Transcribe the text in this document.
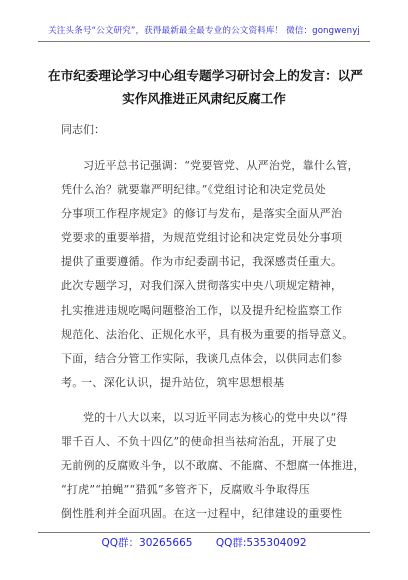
关注头条号“公文研究”，获得最新最全最专业的公文资料库！ 微信：gongwenyj
在市纪委理论学习中心组专题学习研讨会上的发言：以严
实作风推进正风肃纪反腐工作
同志们：
习近平总书记强调：“党要管党、从严治党，靠什么管，
凭什么治？就要靠严明纪律。”《党组讨论和决定党员处
分事项工作程序规定》的修订与发布，是落实全面从严治
党要求的重要举措，为规范党组讨论和决定党员处分事项
提供了重要遵循。作为市纪委副书记，我深感责任重大。
此次专题学习，对我们深入贯彻落实中央八项规定精神，
扎实推进违规吃喝问题整治工作，以及提升纪检监察工作
规范化、法治化、正规化水平，具有极为重要的指导意义。
下面，结合分管工作实际，我谈几点体会，以供同志们参
考。
一、深化认识，提升站位，筑牢思想根基
党的十八大以来，以习近平同志为核心的党中央以“得
罪千百人、不负十四亿”的使命担当祛疴治乱，开展了史
无前例的反腐败斗争，以不敢腐、不能腐、不想腐一体推进，
“打虎”“拍蝇”“猎狐”多管齐下，反腐败斗争取得压
倒性胜利并全面巩固。在这一过程中，纪律建设的重要性
QQ群：30265665 QQ群:535304092
